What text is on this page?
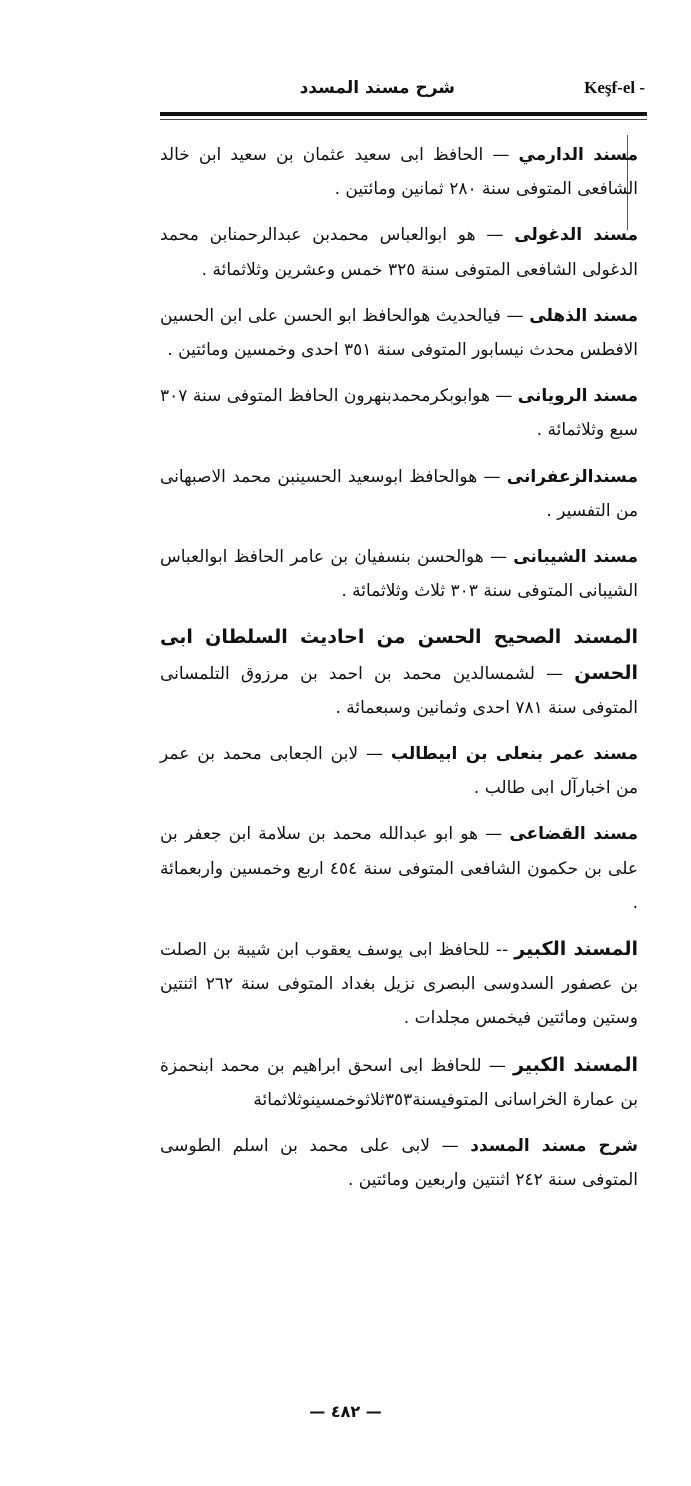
شرح مسند المسدد	Keşf-el -

مسند الدارمي — الحافظ ابی سعید عثمان بن سعید ابن خالد الشافعی المتوفی سنة ٢٨٠ ثمانین ومائتین .

مسند الدغولی — هو ابوالعباس محمدبن عبدالرحمنابن محمد الدغولی الشافعی المتوفی سنة ٣٢٥ خمس وعشرين وثلاثمائة .

مسند الذهلی — فیالحدیث هوالحافظ ابو الحسن علی ابن الحسین الافطس محدث نیسابور المتوفی سنة ٣٥١ احدی وخمسین ومائتین .

مسند الرویانی — هوابوبکرمحمدبنهرون الحافظ المتوفی سنة ٣٠٧ سبع وثلاثمائة .

مسندالزعفرانی — هوالحافظ ابوسعید الحسینبن محمد الاصبهانی من التفسیر .

مسند الشیبانی — هوالحسن بنسفیان بن عامر الحافظ ابوالعباس الشیبانی المتوفی سنة ٣٠٣ ثلاث وثلاثمائة .

المسند الصحیح الحسن من احادیث السلطان ابی الحسن — لشمسالدین محمد بن احمد بن مرزوق التلمسانی المتوفی سنة ٧٨١ احدی وثمانین وسبعمائة .

مسند عمر بنعلی بن ابیطالب — لابن الجعابی محمد بن عمر من اخبارآل ابی طالب .

مسند القضاعی — هو ابو عبدالله محمد بن سلامة ابن جعفر بن علی بن حکمون الشافعی المتوفی سنة ٤٥٤ اربع وخمسین واربعمائة .

المسند الکبیر -- للحافظ ابی یوسف یعقوب ابن شیبة بن الصلت بن عصفور السدوسی البصری نزیل بغداد المتوفی سنة ٢٦٢ اثنتین وستین ومائتین فیخمس مجلدات .

المسند الکبیر — للحافظ ابی اسحق ابراهیم بن محمد ابنحمزة بن عمارة الخراسانی المتوفیسنة٣٥٣ثلاثوخمسینوثلاثمائة

شرح مسند المسدد — لابی علی محمد بن اسلم الطوسی المتوفی سنة ٢٤٢ اثنتین واربعین ومائتین .

— ٤٨٢ —
